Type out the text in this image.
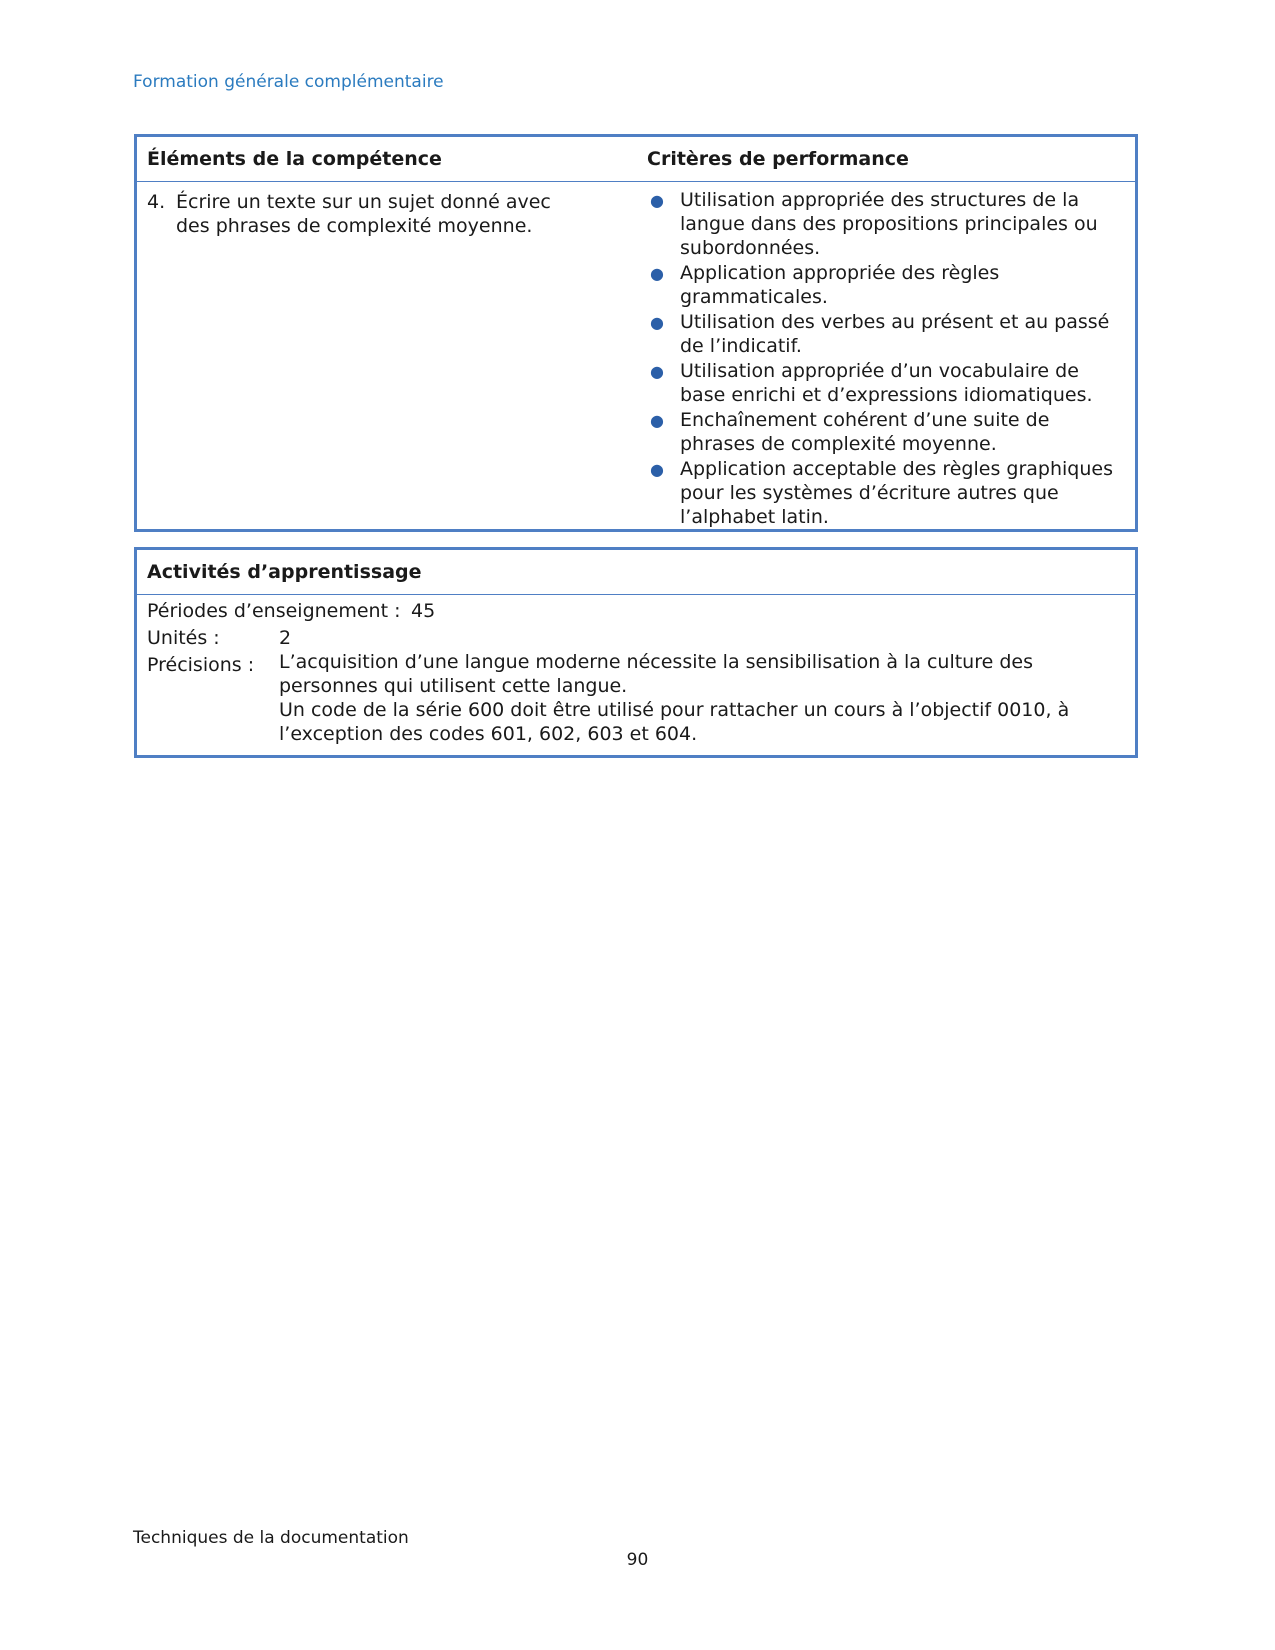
Formation générale complémentaire
Éléments de la compétence	Critères de performance
4. Écrire un texte sur un sujet donné avec des phrases de complexité moyenne.
● Utilisation appropriée des structures de la langue dans des propositions principales ou subordonnées.
● Application appropriée des règles grammaticales.
● Utilisation des verbes au présent et au passé de l’indicatif.
● Utilisation appropriée d’un vocabulaire de base enrichi et d’expressions idiomatiques.
● Enchaînement cohérent d’une suite de phrases de complexité moyenne.
● Application acceptable des règles graphiques pour les systèmes d’écriture autres que l’alphabet latin.
Activités d’apprentissage
Périodes d’enseignement : 45
Unités :	2
Précisions : L’acquisition d’une langue moderne nécessite la sensibilisation à la culture des personnes qui utilisent cette langue.
Un code de la série 600 doit être utilisé pour rattacher un cours à l’objectif 0010, à l’exception des codes 601, 602, 603 et 604.
Techniques de la documentation
90
